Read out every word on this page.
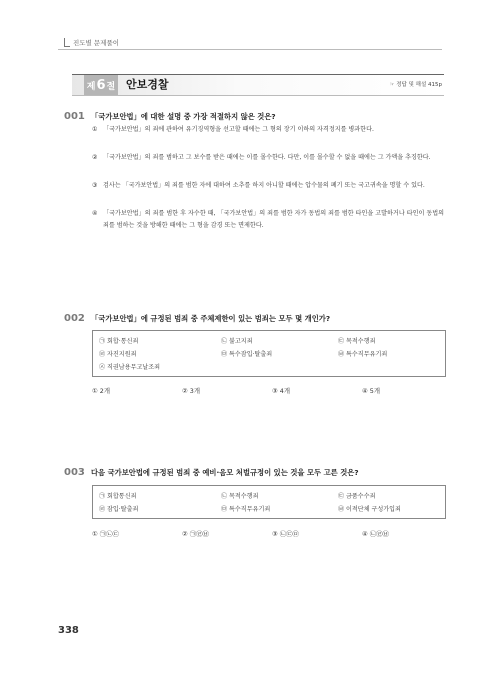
진도별 문제풀이
제 6 절 안보경찰	☞ 정답 및 해설 415p
001 「국가보안법」에 대한 설명 중 가장 적절하지 않은 것은?
① 「국가보안법」의 죄에 관하여 유기징역형을 선고할 때에는 그 형의 장기 이하의 자격정지를 병과한다.
② 「국가보안법」의 죄를 범하고 그 보수를 받은 때에는 이를 몰수한다. 다만, 이를 몰수할 수 없을 때에는 그 가액을 추징한다.
③ 검사는 「국가보안법」의 죄를 범한 자에 대하여 소추를 하지 아니할 때에는 압수물의 폐기 또는 국고귀속을 명할 수 있다.
④ 「국가보안법」의 죄를 범한 후 자수한 때, 「국가보안법」의 죄를 범한 자가 동법의 죄를 범한 타인을 고발하거나 타인이 동법의 죄를 범하는 것을 방해한 때에는 그 형을 감경 또는 면제한다.
002 「국가보안법」에 규정된 범죄 중 주체제한이 있는 범죄는 모두 몇 개인가?
㉠ 회합·통신죄	㉡ 불고지죄	㉢ 목적수행죄
㉣ 자진지원죄	㉤ 특수잠입·탈출죄	㉥ 특수직무유기죄
㉦ 직권남용무고날조죄
① 2개	② 3개	③ 4개	④ 5개
003 다음 국가보안법에 규정된 범죄 중 예비·음모 처벌규정이 있는 것을 모두 고른 것은?
㉠ 회합통신죄	㉡ 목적수행죄	㉢ 금품수수죄
㉣ 잠입·탈출죄	㉤ 특수직무유기죄	㉥ 이적단체 구성가입죄
① ㉠㉡㉢	② ㉠㉣㉥	③ ㉡㉢㉤	④ ㉡㉣㉥
338
